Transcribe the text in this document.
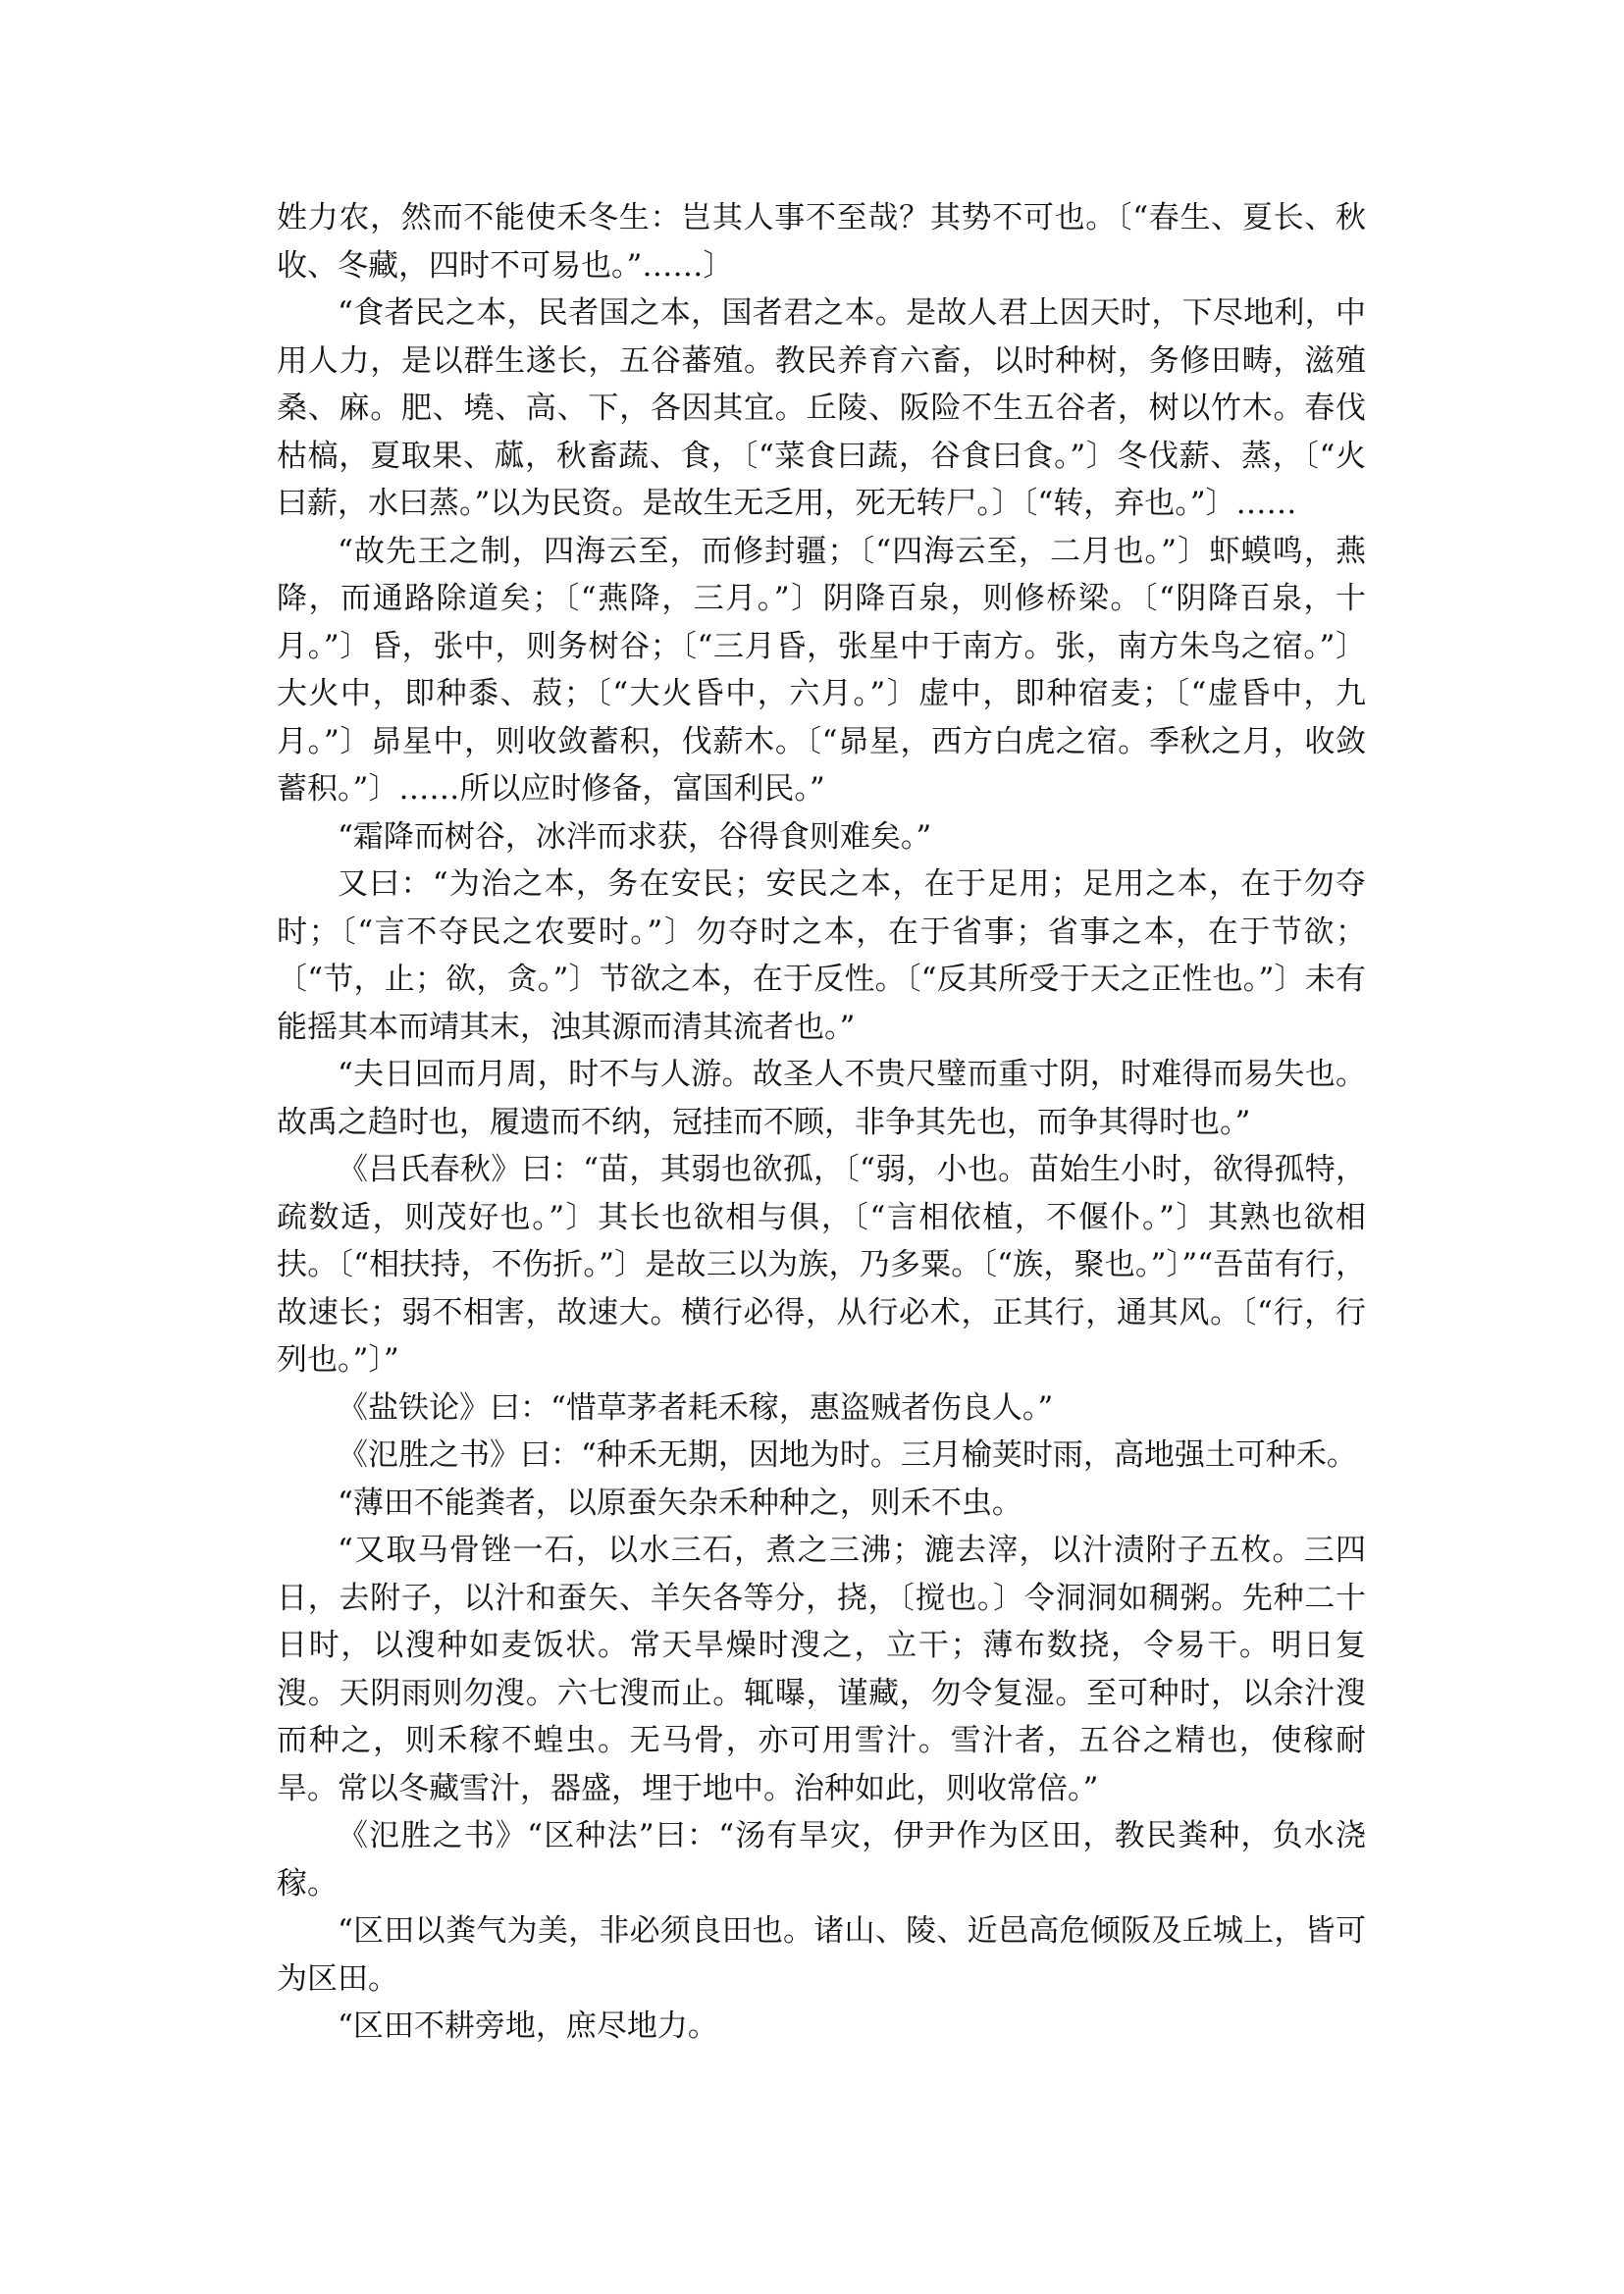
姓力农，然而不能使禾冬生：岂其人事不至哉？其势不可也。〔“春生、夏长、秋收、冬藏，四时不可易也。”……〕

“食者民之本，民者国之本，国者君之本。是故人君上因天时，下尽地利，中用人力，是以群生遂长，五谷蕃殖。教民养育六畜，以时种树，务修田畴，滋殖桑、麻。肥、墝、高、下，各因其宜。丘陵、阪险不生五谷者，树以竹木。春伐枯槁，夏取果、蓏，秋畜蔬、食，〔“菜食曰蔬，谷食曰食。”〕冬伐薪、蒸，〔“火曰薪，水曰蒸。”以为民资。是故生无乏用，死无转尸。〕〔“转，弃也。”〕……

“故先王之制，四海云至，而修封疆；〔“四海云至，二月也。”〕虾蟆鸣，燕降，而通路除道矣；〔“燕降，三月。”〕阴降百泉，则修桥梁。〔“阴降百泉，十月。”〕昏，张中，则务树谷；〔“三月昏，张星中于南方。张，南方朱鸟之宿。”〕大火中，即种黍、菽；〔“大火昏中，六月。”〕虚中，即种宿麦；〔“虚昏中，九月。”〕昴星中，则收敛蓄积，伐薪木。〔“昴星，西方白虎之宿。季秋之月，收敛蓄积。”〕……所以应时修备，富国利民。”

“霜降而树谷，冰泮而求获，谷得食则难矣。”

又曰：“为治之本，务在安民；安民之本，在于足用；足用之本，在于勿夺时；〔“言不夺民之农要时。”〕勿夺时之本，在于省事；省事之本，在于节欲；〔“节，止；欲，贪。”〕节欲之本，在于反性。〔“反其所受于天之正性也。”〕未有能摇其本而靖其末，浊其源而清其流者也。”

“夫日回而月周，时不与人游。故圣人不贵尺璧而重寸阴，时难得而易失也。故禹之趋时也，履遗而不纳，冠挂而不顾，非争其先也，而争其得时也。”

《吕氏春秋》曰：“苗，其弱也欲孤，〔“弱，小也。苗始生小时，欲得孤特，疏数适，则茂好也。”〕其长也欲相与俱，〔“言相依植，不偃仆。”〕其熟也欲相扶。〔“相扶持，不伤折。”〕是故三以为族，乃多粟。〔“族，聚也。”〕”“吾苗有行，故速长；弱不相害，故速大。横行必得，从行必术，正其行，通其风。〔“行，行列也。”〕”

《盐铁论》曰：“惜草茅者耗禾稼，惠盗贼者伤良人。”

《氾胜之书》曰：“种禾无期，因地为时。三月榆荚时雨，高地强土可种禾。

“薄田不能粪者，以原蚕矢杂禾种种之，则禾不虫。

“又取马骨锉一石，以水三石，煮之三沸；漉去滓，以汁渍附子五枚。三四日，去附子，以汁和蚕矢、羊矢各等分，挠，〔搅也。〕令洞洞如稠粥。先种二十日时，以溲种如麦饭状。常天旱燥时溲之，立干；薄布数挠，令易干。明日复溲。天阴雨则勿溲。六七溲而止。辄曝，谨藏，勿令复湿。至可种时，以余汁溲而种之，则禾稼不蝗虫。无马骨，亦可用雪汁。雪汁者，五谷之精也，使稼耐旱。常以冬藏雪汁，器盛，埋于地中。治种如此，则收常倍。”

《氾胜之书》“区种法”曰：“汤有旱灾，伊尹作为区田，教民粪种，负水浇稼。

“区田以粪气为美，非必须良田也。诸山、陵、近邑高危倾阪及丘城上，皆可为区田。

“区田不耕旁地，庶尽地力。
